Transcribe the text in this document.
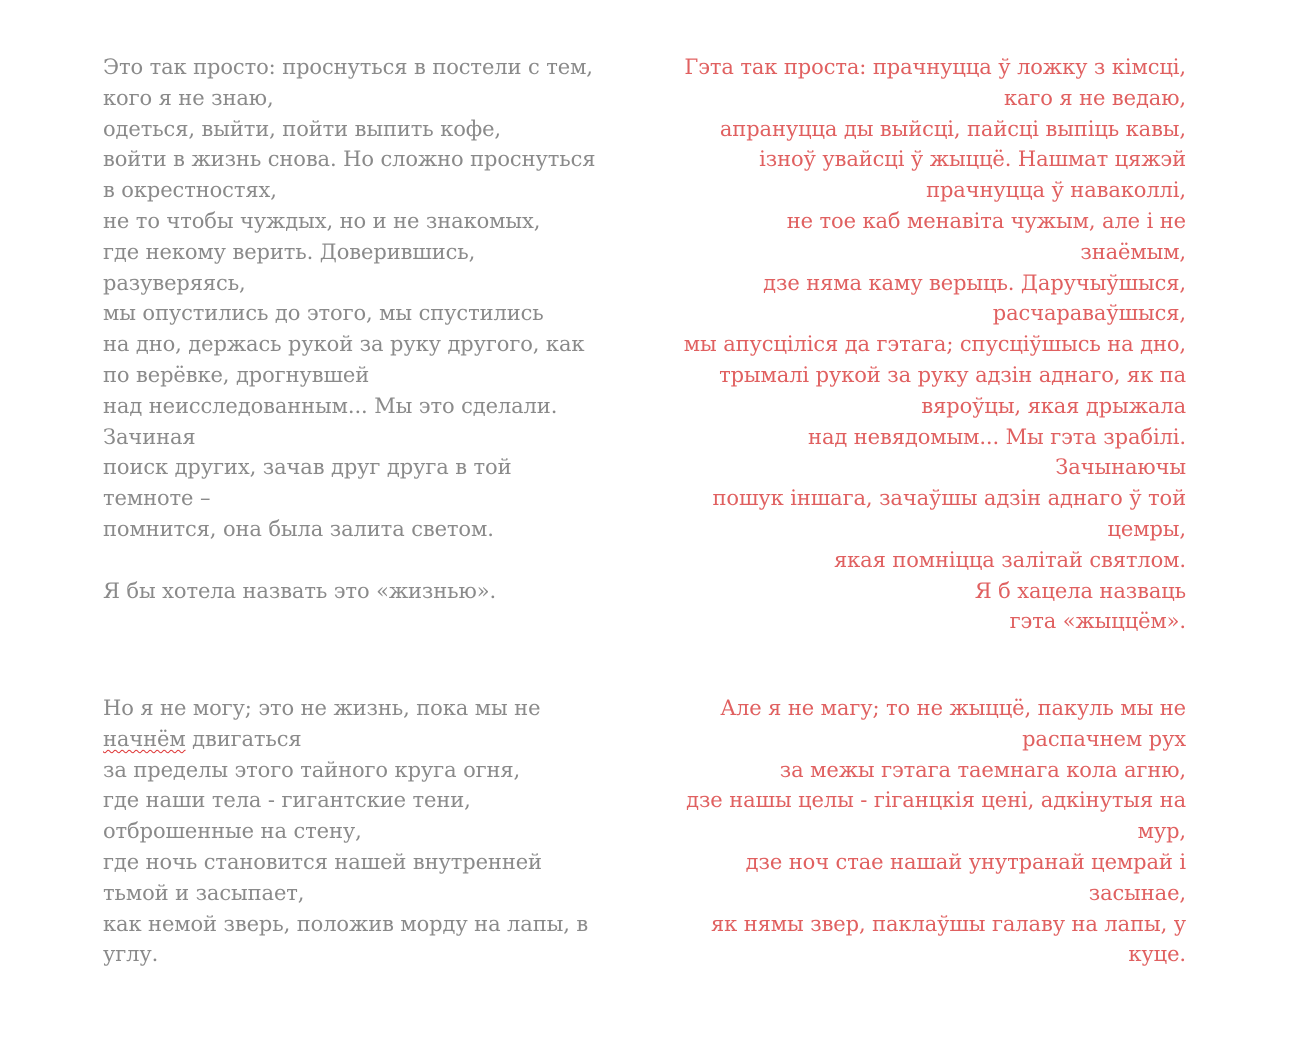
Это так просто: проснуться в постели с тем, кого я не знаю,
одеться, выйти, пойти выпить кофе,
войти в жизнь снова. Но сложно проснуться в окрестностях,
не то чтобы чуждых, но и не знакомых,
где некому верить. Доверившись, разуверяясь,
мы опустились до этого, мы спустились
на дно, держась рукой за руку другого, как по верёвке, дрогнувшей
над неисследованным... Мы это сделали. Зачиная
поиск других, зачав друг друга в той темноте –
помнится, она была залита светом.
Я бы хотела назвать это «жизнью».
Но я не могу; это не жизнь, пока мы не начнём двигаться
за пределы этого тайного круга огня,
где наши тела - гигантские тени, отброшенные на стену,
где ночь становится нашей внутренней тьмой и засыпает,
как немой зверь, положив морду на лапы, в углу.
Гэта так проста: прачнуцца ў ложку з кімсці, каго я не ведаю,
апрануцца ды выйсці, пайсці выпіць кавы,
ізноў увайсці ў жыццё. Нашмат цяжэй прачнуцца ў наваколлі,
не тое каб менавіта чужым, але і не знаёмым,
дзе няма каму верыць. Даручыўшыся, расчараваўшыся,
мы апусціліся да гэтага; спусціўшысь на дно,
трымалі рукой за руку адзін аднаго, як па вяроўцы, якая дрыжала
над невядомым... Мы гэта зрабілі. Зачынаючы
пошук іншага, зачаўшы адзін аднаго ў той цемры,
якая помніцца залітай святлом.
Я б хацела назваць
гэта «жыццём».
Але я не магу; то не жыццё, пакуль мы не распачнем рух
за межы гэтага таемнага кола агню,
дзе нашы целы - гіганцкія цені, адкінутыя на мур,
дзе ноч стае нашай унутранай цемрай і засынае,
як нямы звер, паклаўшы галаву на лапы, у куце.
